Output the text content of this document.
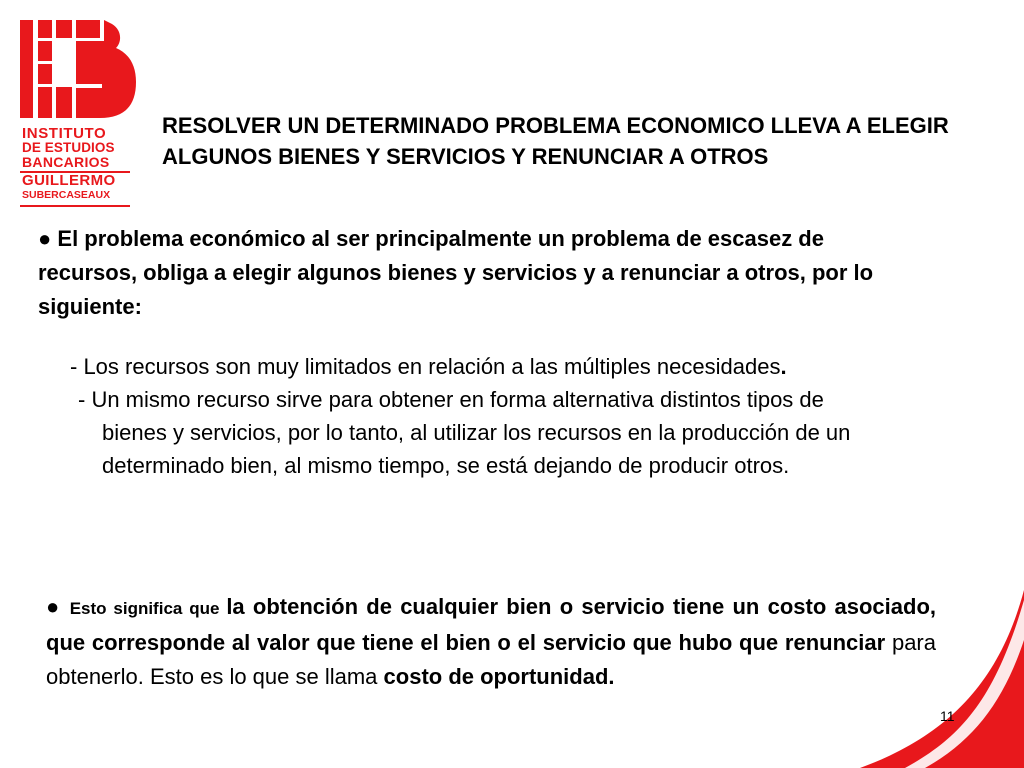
INSTITUTO
DE ESTUDIOS
BANCARIOS
GUILLERMO
SUBERCASEAUX
RESOLVER UN DETERMINADO PROBLEMA ECONOMICO LLEVA A ELEGIR ALGUNOS BIENES Y SERVICIOS Y RENUNCIAR A OTROS
● El problema económico al ser principalmente un problema de escasez de recursos, obliga a elegir algunos bienes y servicios y a renunciar a otros, por lo siguiente:
- Los recursos son muy limitados en relación a las múltiples necesidades.
- Un mismo recurso sirve para obtener en forma alternativa distintos tipos de bienes y servicios, por lo tanto, al utilizar los recursos en la producción de un determinado bien, al mismo tiempo, se está dejando de producir otros.
● Esto significa que la obtención de cualquier bien o servicio tiene un costo asociado, que corresponde al valor que tiene el bien o el servicio que hubo que renunciar para obtenerlo. Esto es lo que se llama costo de oportunidad.
11
